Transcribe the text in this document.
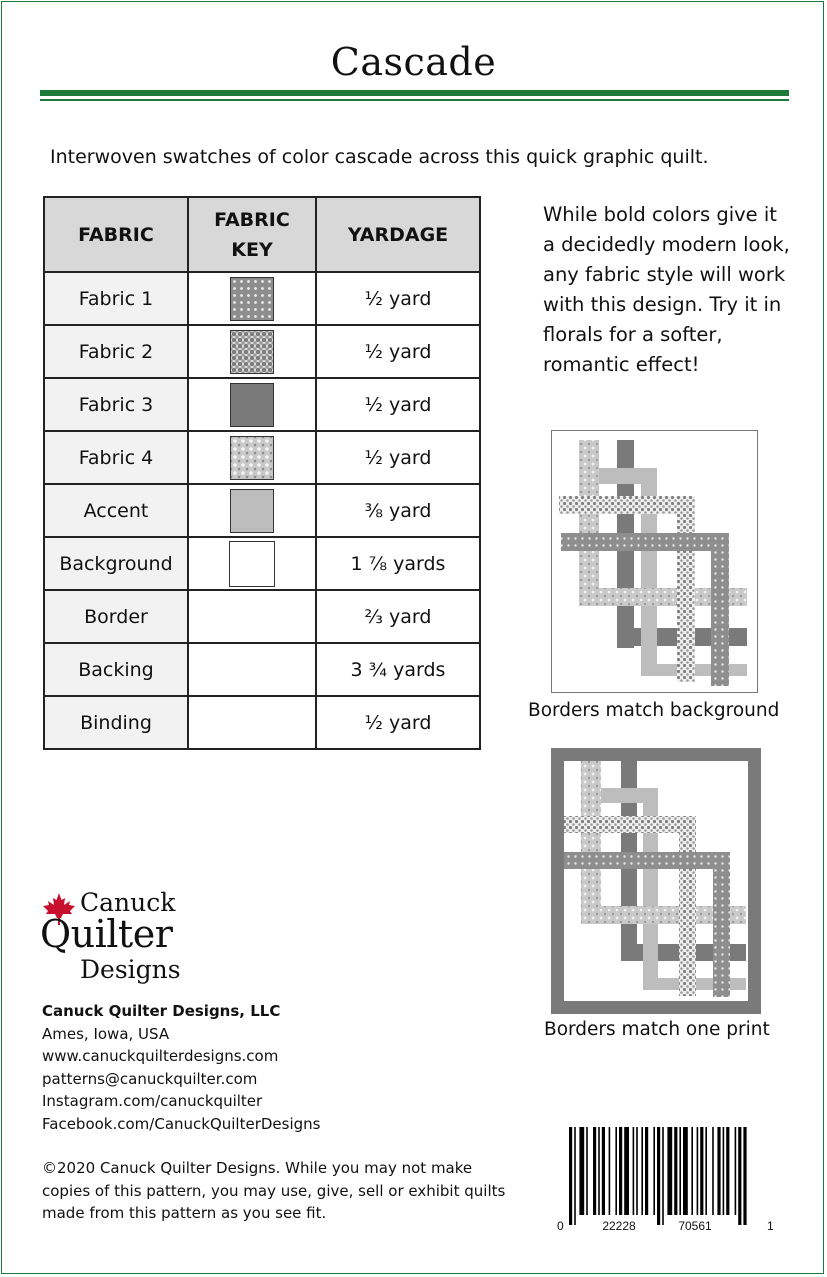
Cascade
Interwoven swatches of color cascade across this quick graphic quilt.
FABRIC	FABRIC KEY	YARDAGE
Fabric 1		½ yard
Fabric 2		½ yard
Fabric 3		½ yard
Fabric 4		½ yard
Accent		⅜ yard
Background		1 ⅞ yards
Border		⅔ yard
Backing		3 ¾ yards
Binding		½ yard
While bold colors give it a decidedly modern look, any fabric style will work with this design. Try it in florals for a softer, romantic effect!
Borders match background
Borders match one print
Canuck
Quilter
Designs
Canuck Quilter Designs, LLC
Ames, Iowa, USA
www.canuckquilterdesigns.com
patterns@canuckquilter.com
Instagram.com/canuckquilter
Facebook.com/CanuckQuilterDesigns
©2020 Canuck Quilter Designs. While you may not make copies of this pattern, you may use, give, sell or exhibit quilts made from this pattern as you see fit.
0	22228	70561	1
